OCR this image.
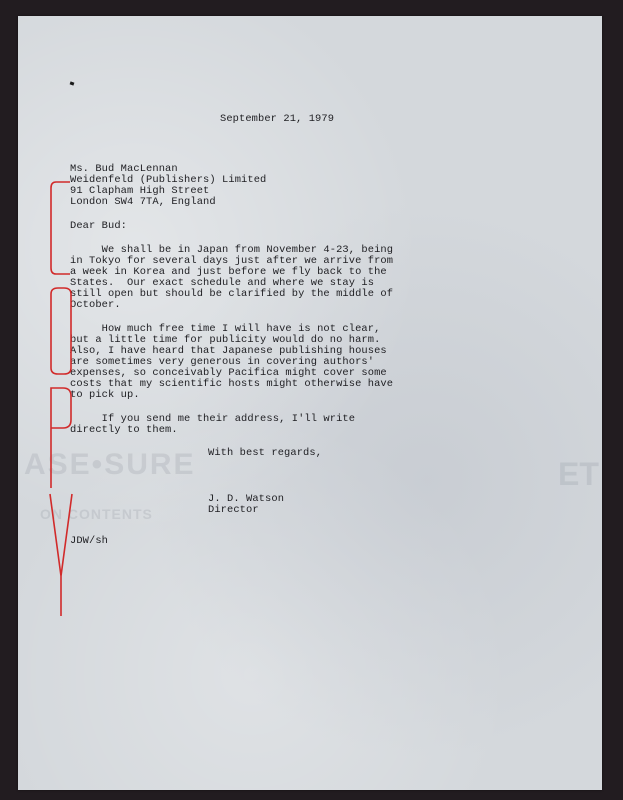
ASE•SURE
ON CONTENTS
ET
September 21, 1979
Ms. Bud MacLennan
Weidenfeld (Publishers) Limited
91 Clapham High Street
London SW4 7TA, England
Dear Bud:
We shall be in Japan from November 4-23, being
in Tokyo for several days just after we arrive from
a week in Korea and just before we fly back to the
States.  Our exact schedule and where we stay is
still open but should be clarified by the middle of
October.
How much free time I will have is not clear,
but a little time for publicity would do no harm.
Also, I have heard that Japanese publishing houses
are sometimes very generous in covering authors'
expenses, so conceivably Pacifica might cover some
costs that my scientific hosts might otherwise have
to pick up.
If you send me their address, I'll write
directly to them.
With best regards,
J. D. Watson
Director
JDW/sh
